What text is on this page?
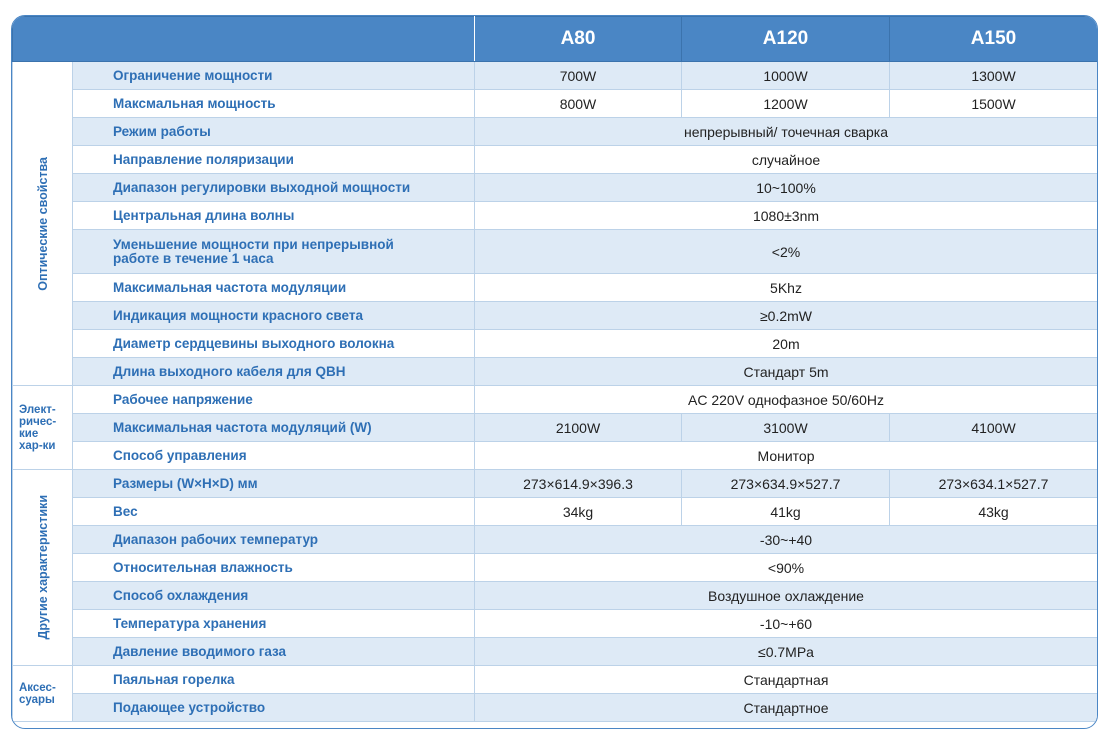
		A80	A120	A150

Оптические свойства	Ограничение мощности	700W	1000W	1300W
	Максмальная мощность	800W	1200W	1500W
	Режим работы	непрерывный/ точечная сварка		
	Направление поляризации	случайное		
	Диапазон регулировки выходной мощности	10~100%		
	Центральная длина волны	1080±3nm		
	Уменьшение мощности при непрерывной
работе в течение 1 часа	<2%		
	Максимальная частота модуляции	5Khz		
	Индикация мощности красного света	≥0.2mW		
	Диаметр сердцевины выходного волокна	20m		
	Длина выходного кабеля для QBH	Стандарт 5m		
Элект-
ричес-
кие
хар-ки	Рабочее напряжение	AC 220V однофазное 50/60Hz		
	Максимальная частота модуляций (W)	2100W	3100W	4100W
	Способ управления	Монитор		

Другие характеристики	Размеры (W×H×D) мм	273×614.9×396.3	273×634.9×527.7	273×634.1×527.7
	Вес	34kg	41kg	43kg
	Диапазон рабочих температур	-30~+40		
	Относительная влажность	<90%		
	Способ охлаждения	Воздушное охлаждение		
	Температура хранения	-10~+60		
	Давление вводимого газа	≤0.7MPa		
Аксес-
суары	Паяльная горелка	Стандартная		
	Подающее устройство	Стандартное		
